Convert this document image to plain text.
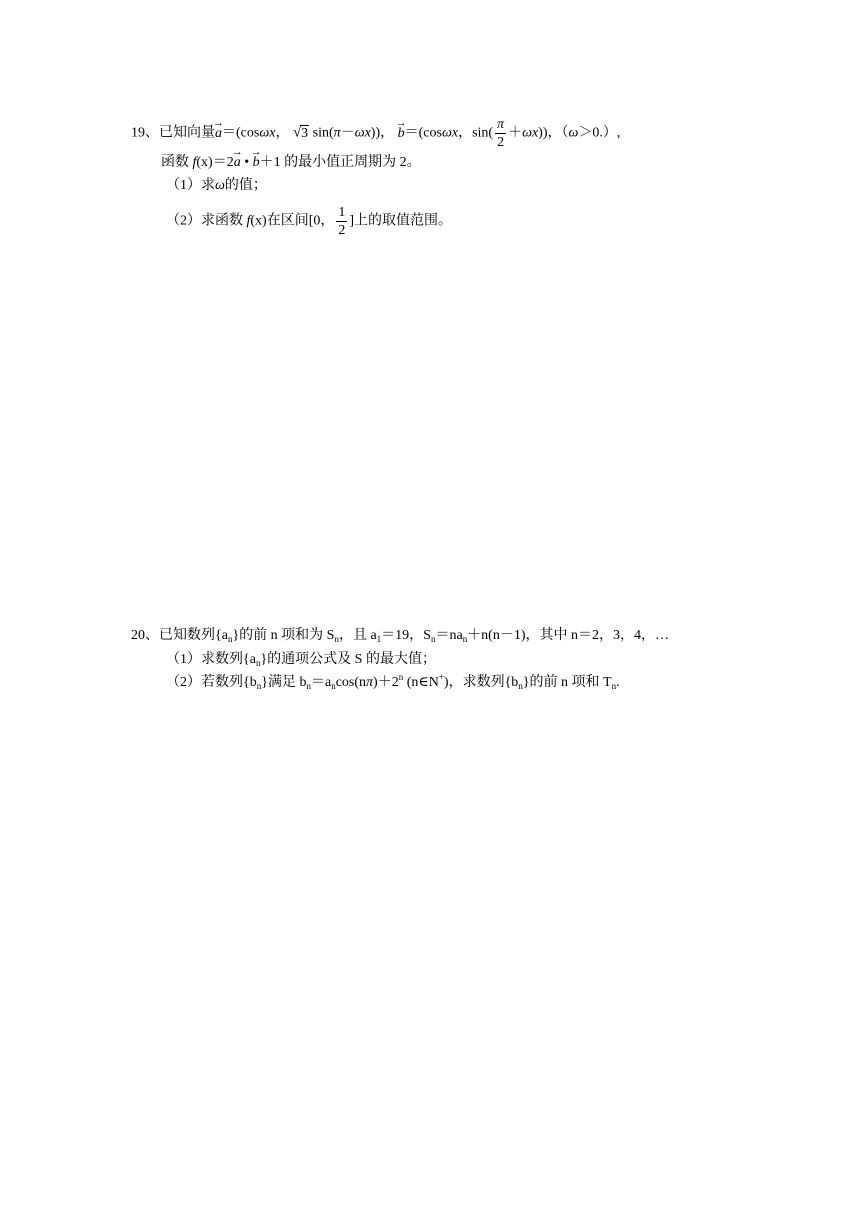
19、已知向量→ a＝(cosωx， √3 sin(π－ωx))， → b＝(cosωx，$\sin( \frac{\pi}{2} +\omega x)$)，（ω＞0.）,
函数 f(x)＝2→ a • → b＋1 的最小值正周期为 2。
（1）求ω的值；
（2）求函数 f(x)在区间[0， $\frac{1}{2}$ ]上的取值范围。
20、已知数列$\{a_n\}$的前 n 项和为 $S_n$，且 $a_1=19$，$S_n=na_n+n(n-1)$，其中 n＝2，3，4，…
（1）求数列$\{a_n\}$的通项公式及 S 的最大值；
（2）若数列$\{b_n\}$满足 $b_n=a_n\cos(n\pi)+2^n$ (n∈N+)，求数列$\{b_n\}$的前 n 项和 $T_n$.
